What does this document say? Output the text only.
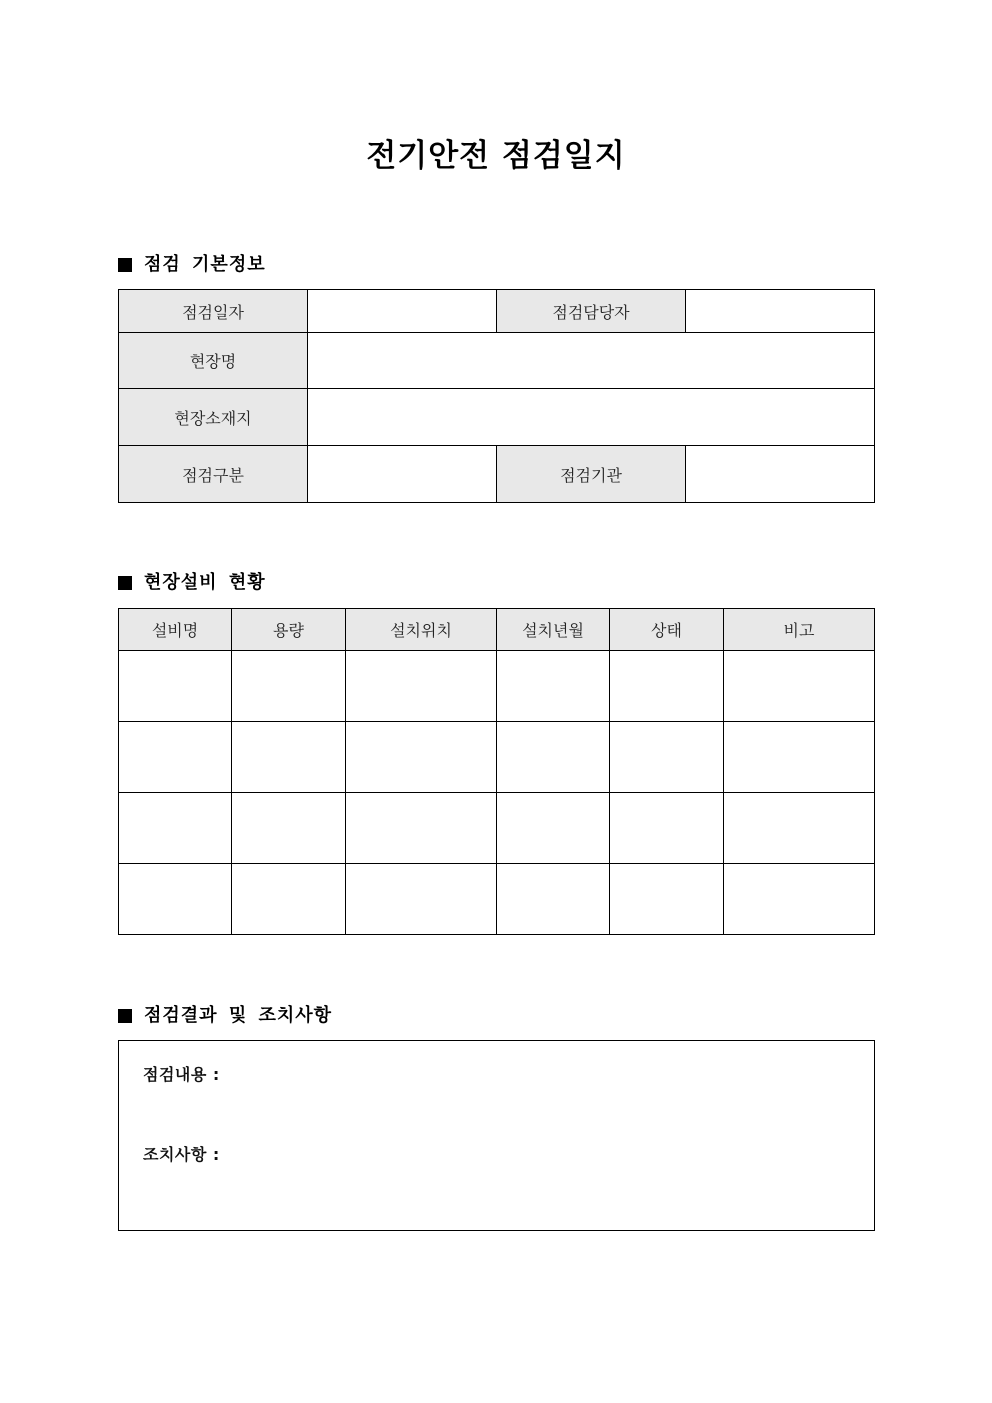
전기안전 점검일지
점검 기본정보
점검일자		점검담당자	
현장명			
현장소재지			
점검구분		점검기관	
현장설비 현황
설비명	용량	설치위치	설치년월	상태	비고

점검결과 및 조치사항
점검내용 :
조치사항 :
